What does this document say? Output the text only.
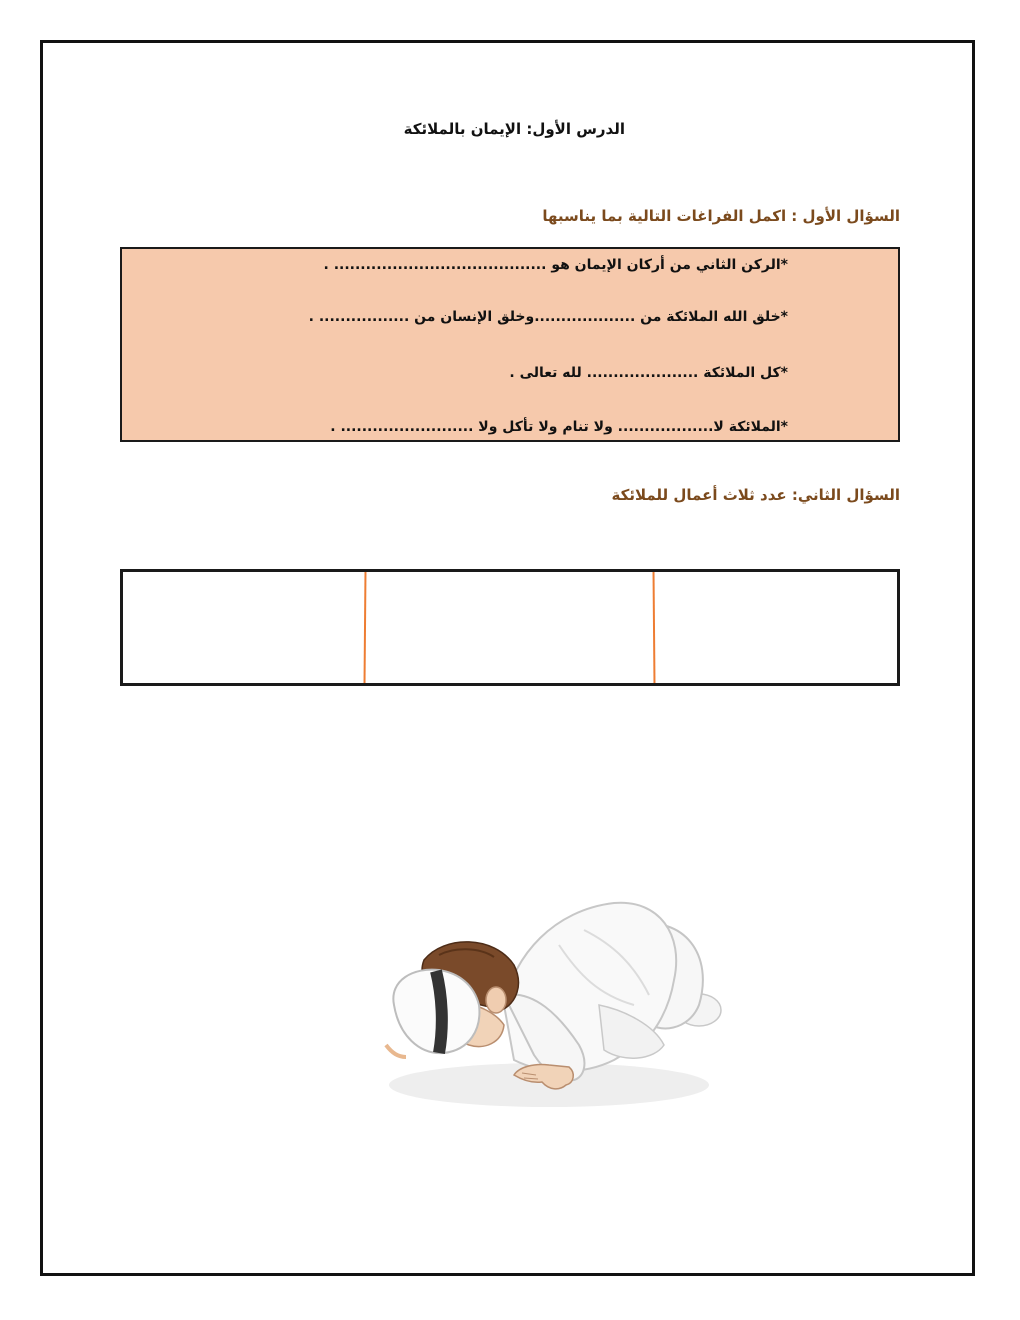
الدرس الأول: الإيمان بالملائكة
السؤال الأول : اكمل الفراغات التالية بما يناسبها
*الركن الثاني من أركان الإيمان هو ........................................ .
*خلق الله الملائكة من ...................وخلق الإنسان من ................. .
*كل الملائكة ..................... لله تعالى .
*الملائكة لا.................. ولا تنام ولا تأكل ولا ......................... .
السؤال الثاني: عدد ثلاث أعمال للملائكة
